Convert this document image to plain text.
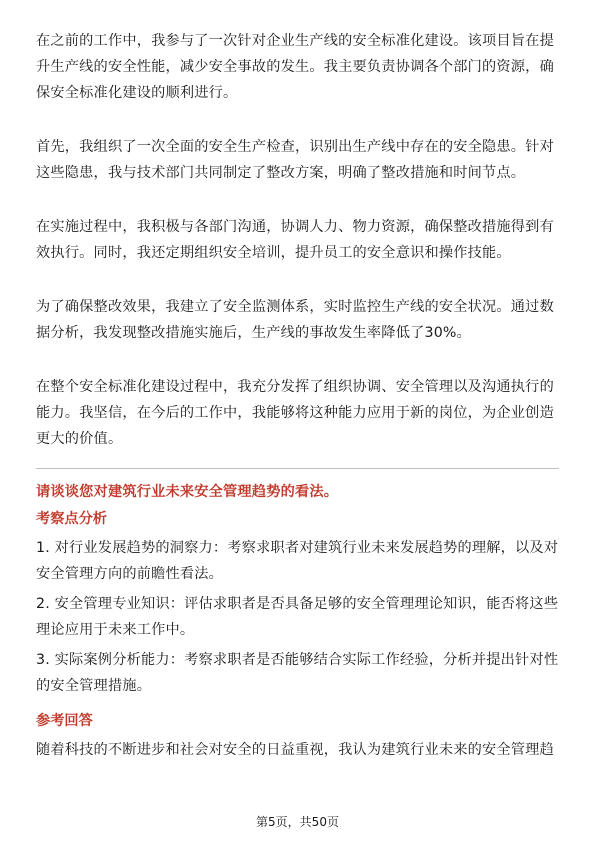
在之前的工作中，我参与了一次针对企业生产线的安全标准化建设。该项目旨在提升生产线的安全性能，减少安全事故的发生。我主要负责协调各个部门的资源，确保安全标准化建设的顺利进行。

首先，我组织了一次全面的安全生产检查，识别出生产线中存在的安全隐患。针对这些隐患，我与技术部门共同制定了整改方案，明确了整改措施和时间节点。

在实施过程中，我积极与各部门沟通，协调人力、物力资源，确保整改措施得到有效执行。同时，我还定期组织安全培训，提升员工的安全意识和操作技能。

为了确保整改效果，我建立了安全监测体系，实时监控生产线的安全状况。通过数据分析，我发现整改措施实施后，生产线的事故发生率降低了30%。

在整个安全标准化建设过程中，我充分发挥了组织协调、安全管理以及沟通执行的能力。我坚信，在今后的工作中，我能够将这种能力应用于新的岗位，为企业创造更大的价值。

请谈谈您对建筑行业未来安全管理趋势的看法。
考察点分析
1. 对行业发展趋势的洞察力：考察求职者对建筑行业未来发展趋势的理解，以及对安全管理方向的前瞻性看法。
2. 安全管理专业知识：评估求职者是否具备足够的安全管理理论知识，能否将这些理论应用于未来工作中。
3. 实际案例分析能力：考察求职者是否能够结合实际工作经验，分析并提出针对性的安全管理措施。
参考回答
随着科技的不断进步和社会对安全的日益重视，我认为建筑行业未来的安全管理趋
第5页，共50页
